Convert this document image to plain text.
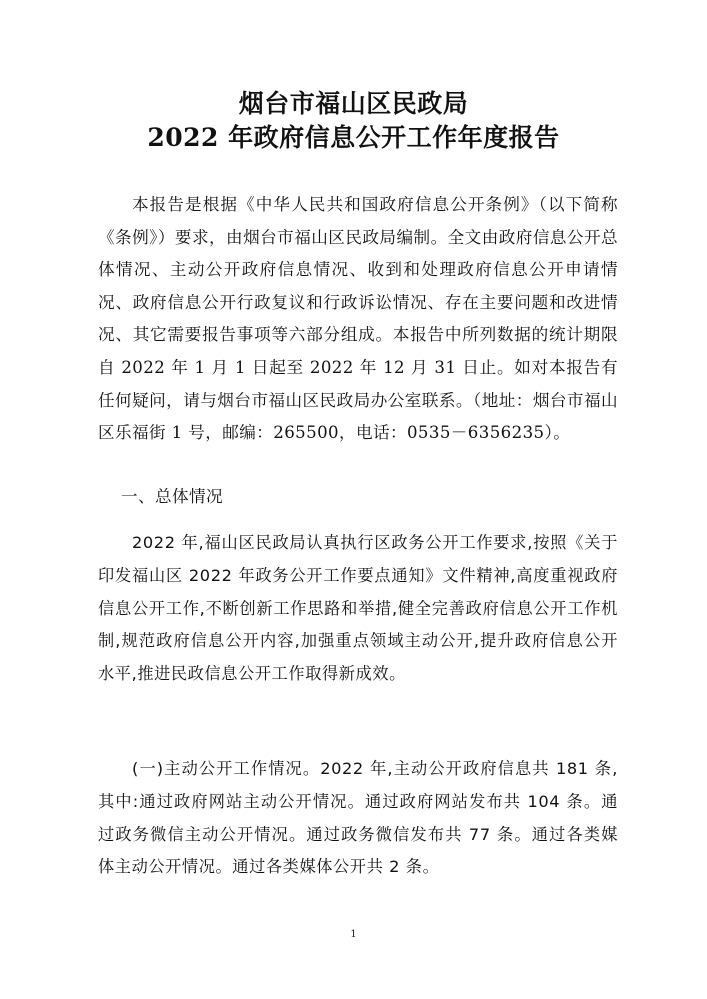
烟台市福山区民政局
2022 年政府信息公开工作年度报告

本报告是根据《中华人民共和国政府信息公开条例》（以下简称《条例》）要求，由烟台市福山区民政局编制。全文由政府信息公开总体情况、主动公开政府信息情况、收到和处理政府信息公开申请情况、政府信息公开行政复议和行政诉讼情况、存在主要问题和改进情况、其它需要报告事项等六部分组成。本报告中所列数据的统计期限自 2022 年 1 月 1 日起至 2022 年 12 月 31 日止。如对本报告有任何疑问，请与烟台市福山区民政局办公室联系。（地址：烟台市福山区乐福街 1 号，邮编：265500，电话：0535－6356235）。

一、总体情况

2022 年,福山区民政局认真执行区政务公开工作要求,按照《关于印发福山区 2022 年政务公开工作要点通知》文件精神,高度重视政府信息公开工作,不断创新工作思路和举措,健全完善政府信息公开工作机制,规范政府信息公开内容,加强重点领域主动公开,提升政府信息公开水平,推进民政信息公开工作取得新成效。

(一)主动公开工作情况。2022 年,主动公开政府信息共 181 条,其中:通过政府网站主动公开情况。通过政府网站发布共 104 条。通过政务微信主动公开情况。通过政务微信发布共 77 条。通过各类媒体主动公开情况。通过各类媒体公开共 2 条。

1
